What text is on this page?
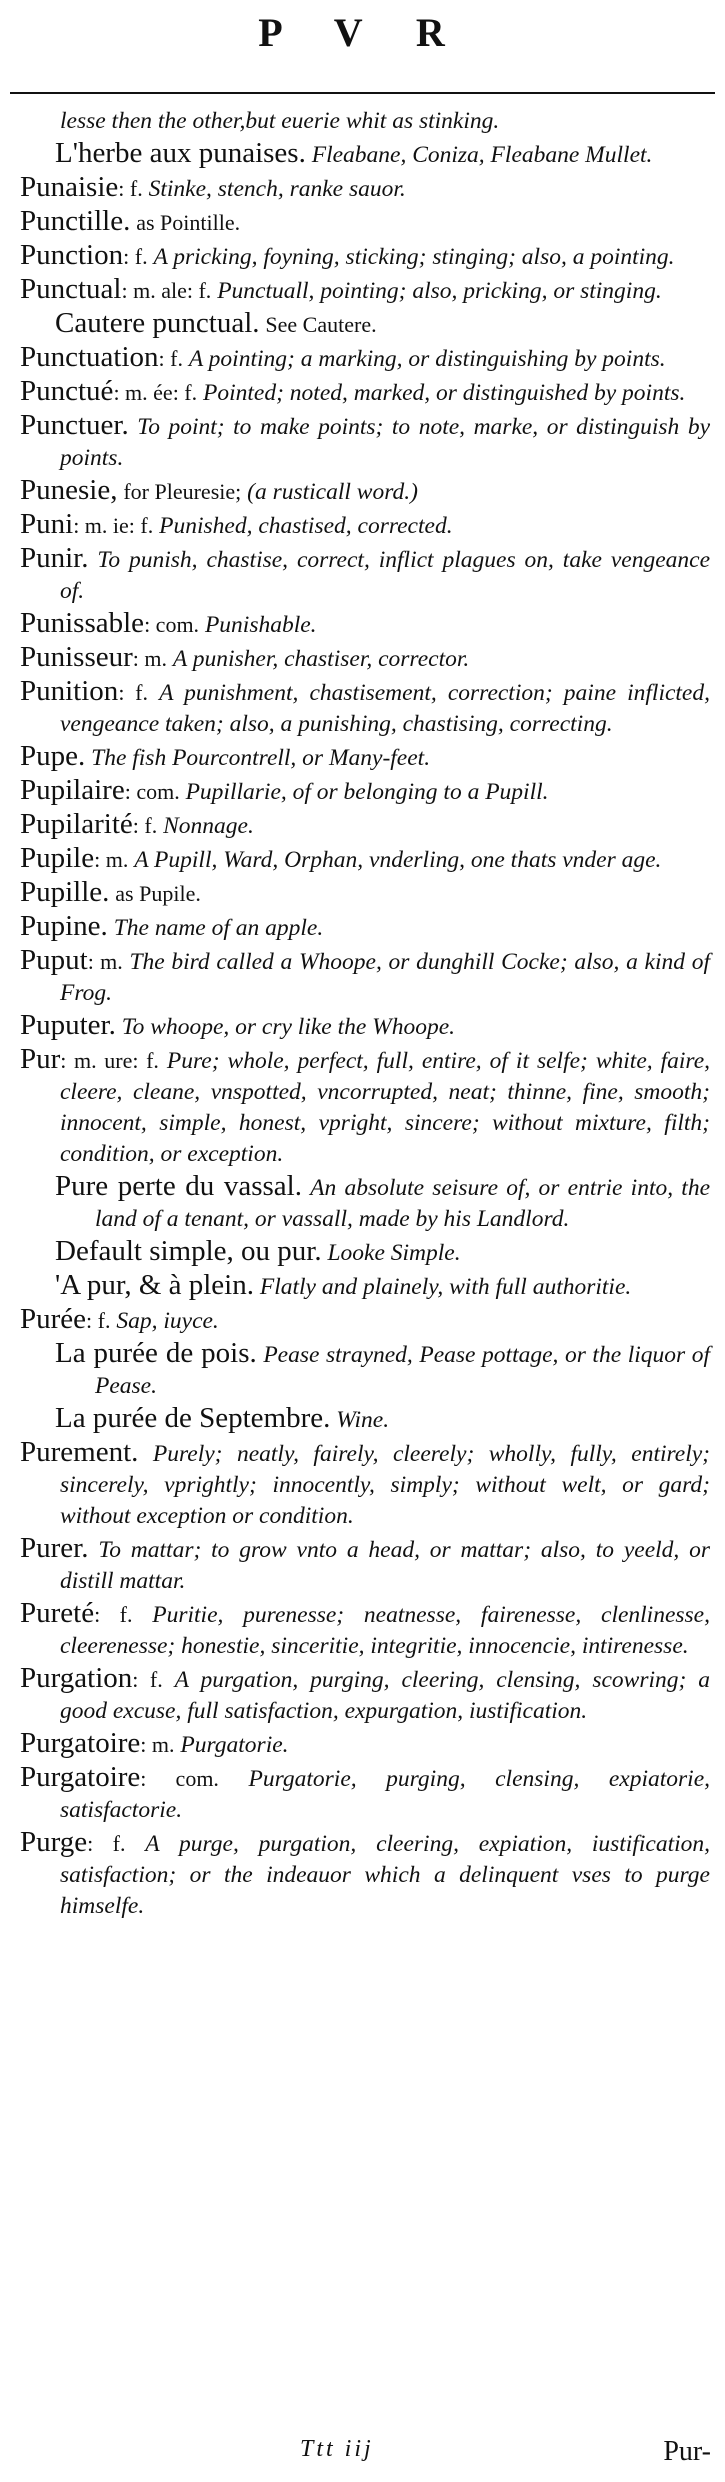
P V R
lesse then the other,but euerie whit as stinking.
L'herbe aux punaises. Fleabane, Coniza, Fleabane Mullet.
Punaisie: f. Stinke, stench, ranke sauor.
Punctille. as Pointille.
Punction: f. A pricking, foyning, sticking; stinging; also, a pointing.
Punctual: m. ale: f. Punctuall, pointing; also, pricking, or stinging.
Cautere punctual. See Cautere.
Punctuation: f. A pointing; a marking, or distinguishing by points.
Punctué: m. ée: f. Pointed; noted, marked, or distinguished by points.
Punctuer. To point; to make points; to note, marke, or distinguish by points.
Punesie, for Pleuresie; (a rusticall word.)
Puni: m. ie: f. Punished, chastised, corrected.
Punir. To punish, chastise, correct, inflict plagues on, take vengeance of.
Punissable: com. Punishable.
Punisseur: m. A punisher, chastiser, corrector.
Punition: f. A punishment, chastisement, correction; paine inflicted, vengeance taken; also, a punishing, chastising, correcting.
Pupe. The fish Pourcontrell, or Many-feet.
Pupilaire: com. Pupillarie, of or belonging to a Pupill.
Pupilarité: f. Nonnage.
Pupile: m. A Pupill, Ward, Orphan, vnderling, one thats vnder age.
Pupille. as Pupile.
Pupine. The name of an apple.
Puput: m. The bird called a Whoope, or dunghill Cocke; also, a kind of Frog.
Puputer. To whoope, or cry like the Whoope.
Pur: m. ure: f. Pure; whole, perfect, full, entire, of it selfe; white, faire, cleere, cleane, vnspotted, vncorrupted, neat; thinne, fine, smooth; innocent, simple, honest, vpright, sincere; without mixture, filth; condition, or exception.
Pure perte du vassal. An absolute seisure of, or entrie into, the land of a tenant, or vassall, made by his Landlord.
Default simple, ou pur. Looke Simple.
'A pur, & à plein. Flatly and plainely, with full authoritie.
Purée: f. Sap, iuyce.
La purée de pois. Pease strayned, Pease pottage, or the liquor of Pease.
La purée de Septembre. Wine.
Purement. Purely; neatly, fairely, cleerely; wholly, fully, entirely; sincerely, vprightly; innocently, simply; without welt, or gard; without exception or condition.
Purer. To mattar; to grow vnto a head, or mattar; also, to yeeld, or distill mattar.
Pureté: f. Puritie, purenesse; neatnesse, fairenesse, clenlinesse, cleerenesse; honestie, sinceritie, integritie, innocencie, intirenesse.
Purgation: f. A purgation, purging, cleering, clensing, scowring; a good excuse, full satisfaction, expurgation, iustification.
Purgatoire: m. Purgatorie.
Purgatoire: com. Purgatorie, purging, clensing, expiatorie, satisfactorie.
Purge: f. A purge, purgation, cleering, expiation, iustification, satisfaction; or the indeauor which a delinquent vses to purge himselfe.
Ttt iij	Pur-
